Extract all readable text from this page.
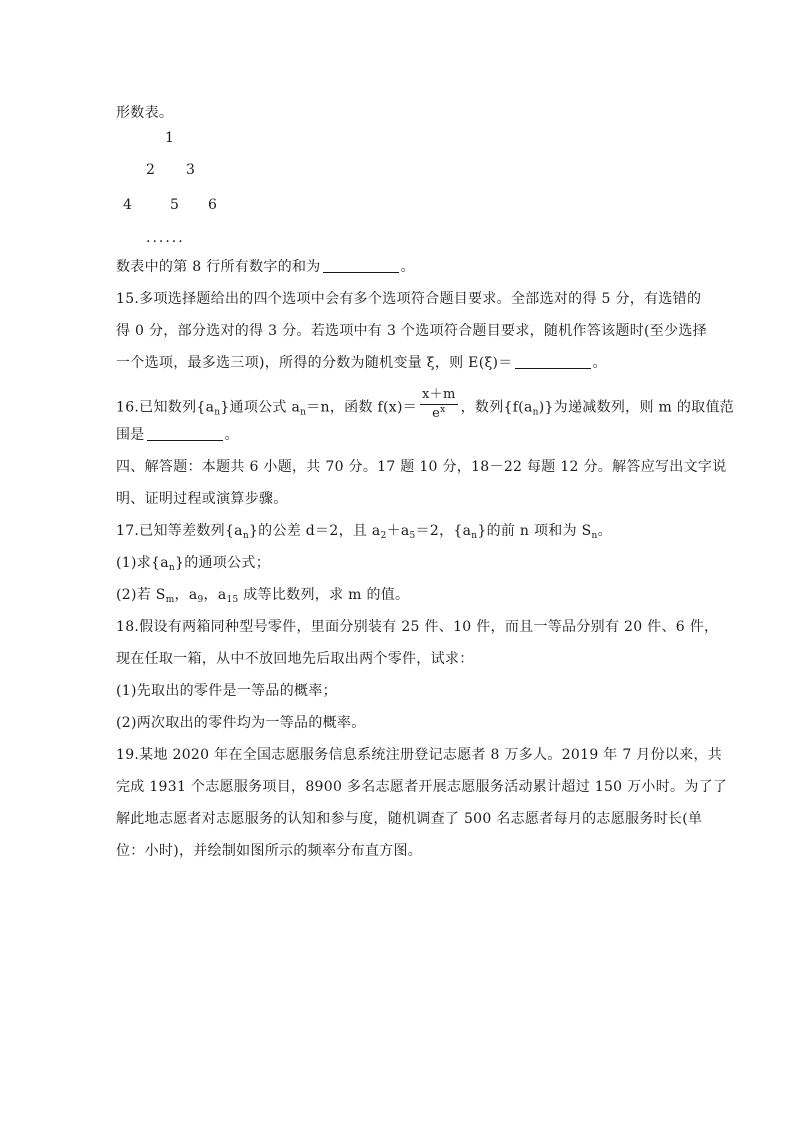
形数表。
1
2 3
4	5 6
......
数表中的第 8 行所有数字的和为	。
15.多项选择题给出的四个选项中会有多个选项符合题目要求。全部选对的得 5 分，有选错的
得 0 分，部分选对的得 3 分。若选项中有 3 个选项符合题目要求，随机作答该题时(至少选择
一个选项，最多选三项)，所得的分数为随机变量 ξ，则 E(ξ)＝	。
16.已知数列$\{a_n\}$通项公式 $a_n=n$，函数 $f(x)= \frac{x+m}{e^x}$ ，数列$\{f(a_n)\}$为递减数列，则 m 的取值范
围是	。
四、解答题：本题共 6 小题，共 70 分。17 题 10 分，18－22 每题 12 分。解答应写出文字说
明、证明过程或演算步骤。
17.已知等差数列$\{a_n\}$的公差 d＝2，且 $a_2+a_5=2$，$\{a_n\}$的前 n 项和为 $S_n$。
(1)求$\{a_n\}$的通项公式；
(2)若 $S_m$，$a_9$，$a_{15}$ 成等比数列，求 m 的值。
18.假设有两箱同种型号零件，里面分别装有 25 件、10 件，而且一等品分别有 20 件、6 件，
现在任取一箱，从中不放回地先后取出两个零件，试求：
(1)先取出的零件是一等品的概率；
(2)两次取出的零件均为一等品的概率。
19.某地 2020 年在全国志愿服务信息系统注册登记志愿者 8 万多人。2019 年 7 月份以来，共
完成 1931 个志愿服务项目，8900 多名志愿者开展志愿服务活动累计超过 150 万小时。为了了
解此地志愿者对志愿服务的认知和参与度，随机调查了 500 名志愿者每月的志愿服务时长(单
位：小时)，并绘制如图所示的频率分布直方图。
